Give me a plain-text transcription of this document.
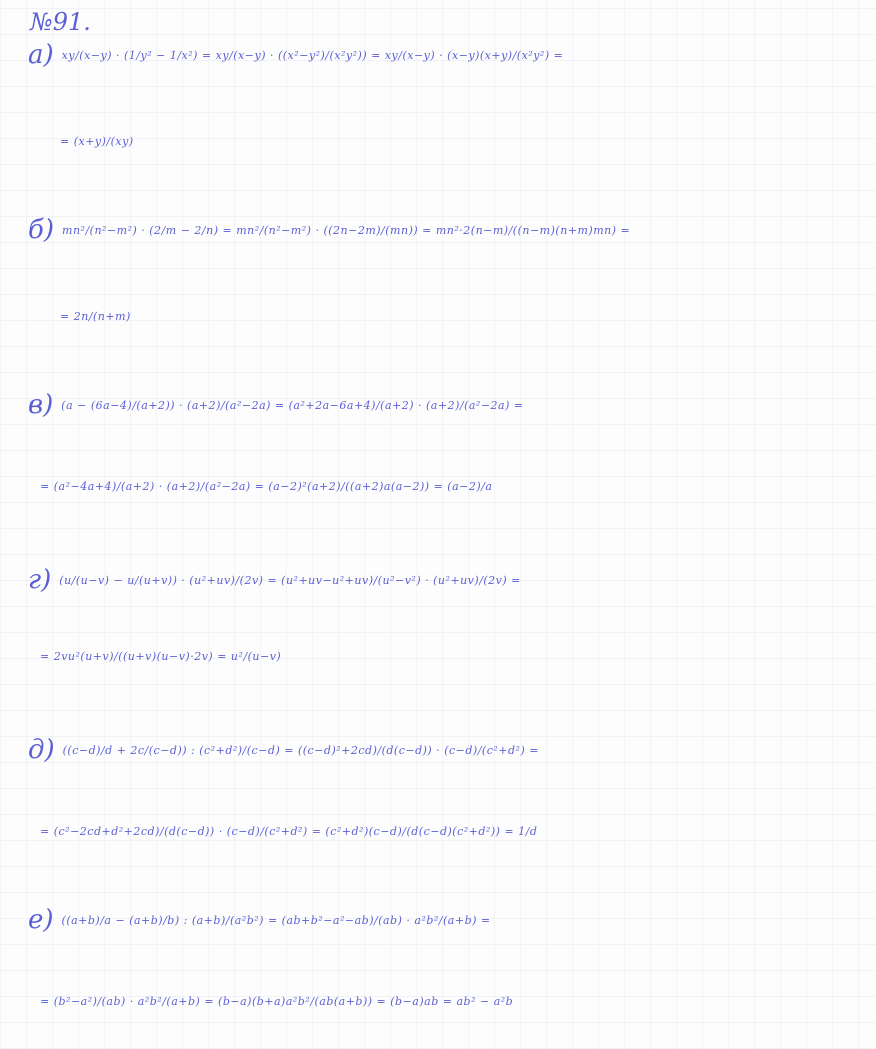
№91.
а) xy/(x−y) · (1/y² − 1/x²) = xy/(x−y) · ((x²−y²)/(x²y²)) = xy/(x−y) · (x−y)(x+y)/(x²y²) =
= (x+y)/(xy)
б) mn²/(n²−m²) · (2/m − 2/n) = mn²/(n²−m²) · ((2n−2m)/(mn)) = mn²·2(n−m)/((n−m)(n+m)mn) =
= 2n/(n+m)
в) (a − (6a−4)/(a+2)) · (a+2)/(a²−2a) = (a²+2a−6a+4)/(a+2) · (a+2)/(a²−2a) =
= (a²−4a+4)/(a+2) · (a+2)/(a²−2a) = (a−2)²(a+2)/((a+2)a(a−2)) = (a−2)/a
г) (u/(u−v) − u/(u+v)) · (u²+uv)/(2v) = (u²+uv−u²+uv)/(u²−v²) · (u²+uv)/(2v) =
= 2vu²(u+v)/((u+v)(u−v)·2v) = u²/(u−v)
д) ((c−d)/d + 2c/(c−d)) : (c²+d²)/(c−d) = ((c−d)²+2cd)/(d(c−d)) · (c−d)/(c²+d²) =
= (c²−2cd+d²+2cd)/(d(c−d)) · (c−d)/(c²+d²) = (c²+d²)(c−d)/(d(c−d)(c²+d²)) = 1/d
е) ((a+b)/a − (a+b)/b) : (a+b)/(a²b²) = (ab+b²−a²−ab)/(ab) · a²b²/(a+b) =
= (b²−a²)/(ab) · a²b²/(a+b) = (b−a)(b+a)a²b²/(ab(a+b)) = (b−a)ab = ab² − a²b
